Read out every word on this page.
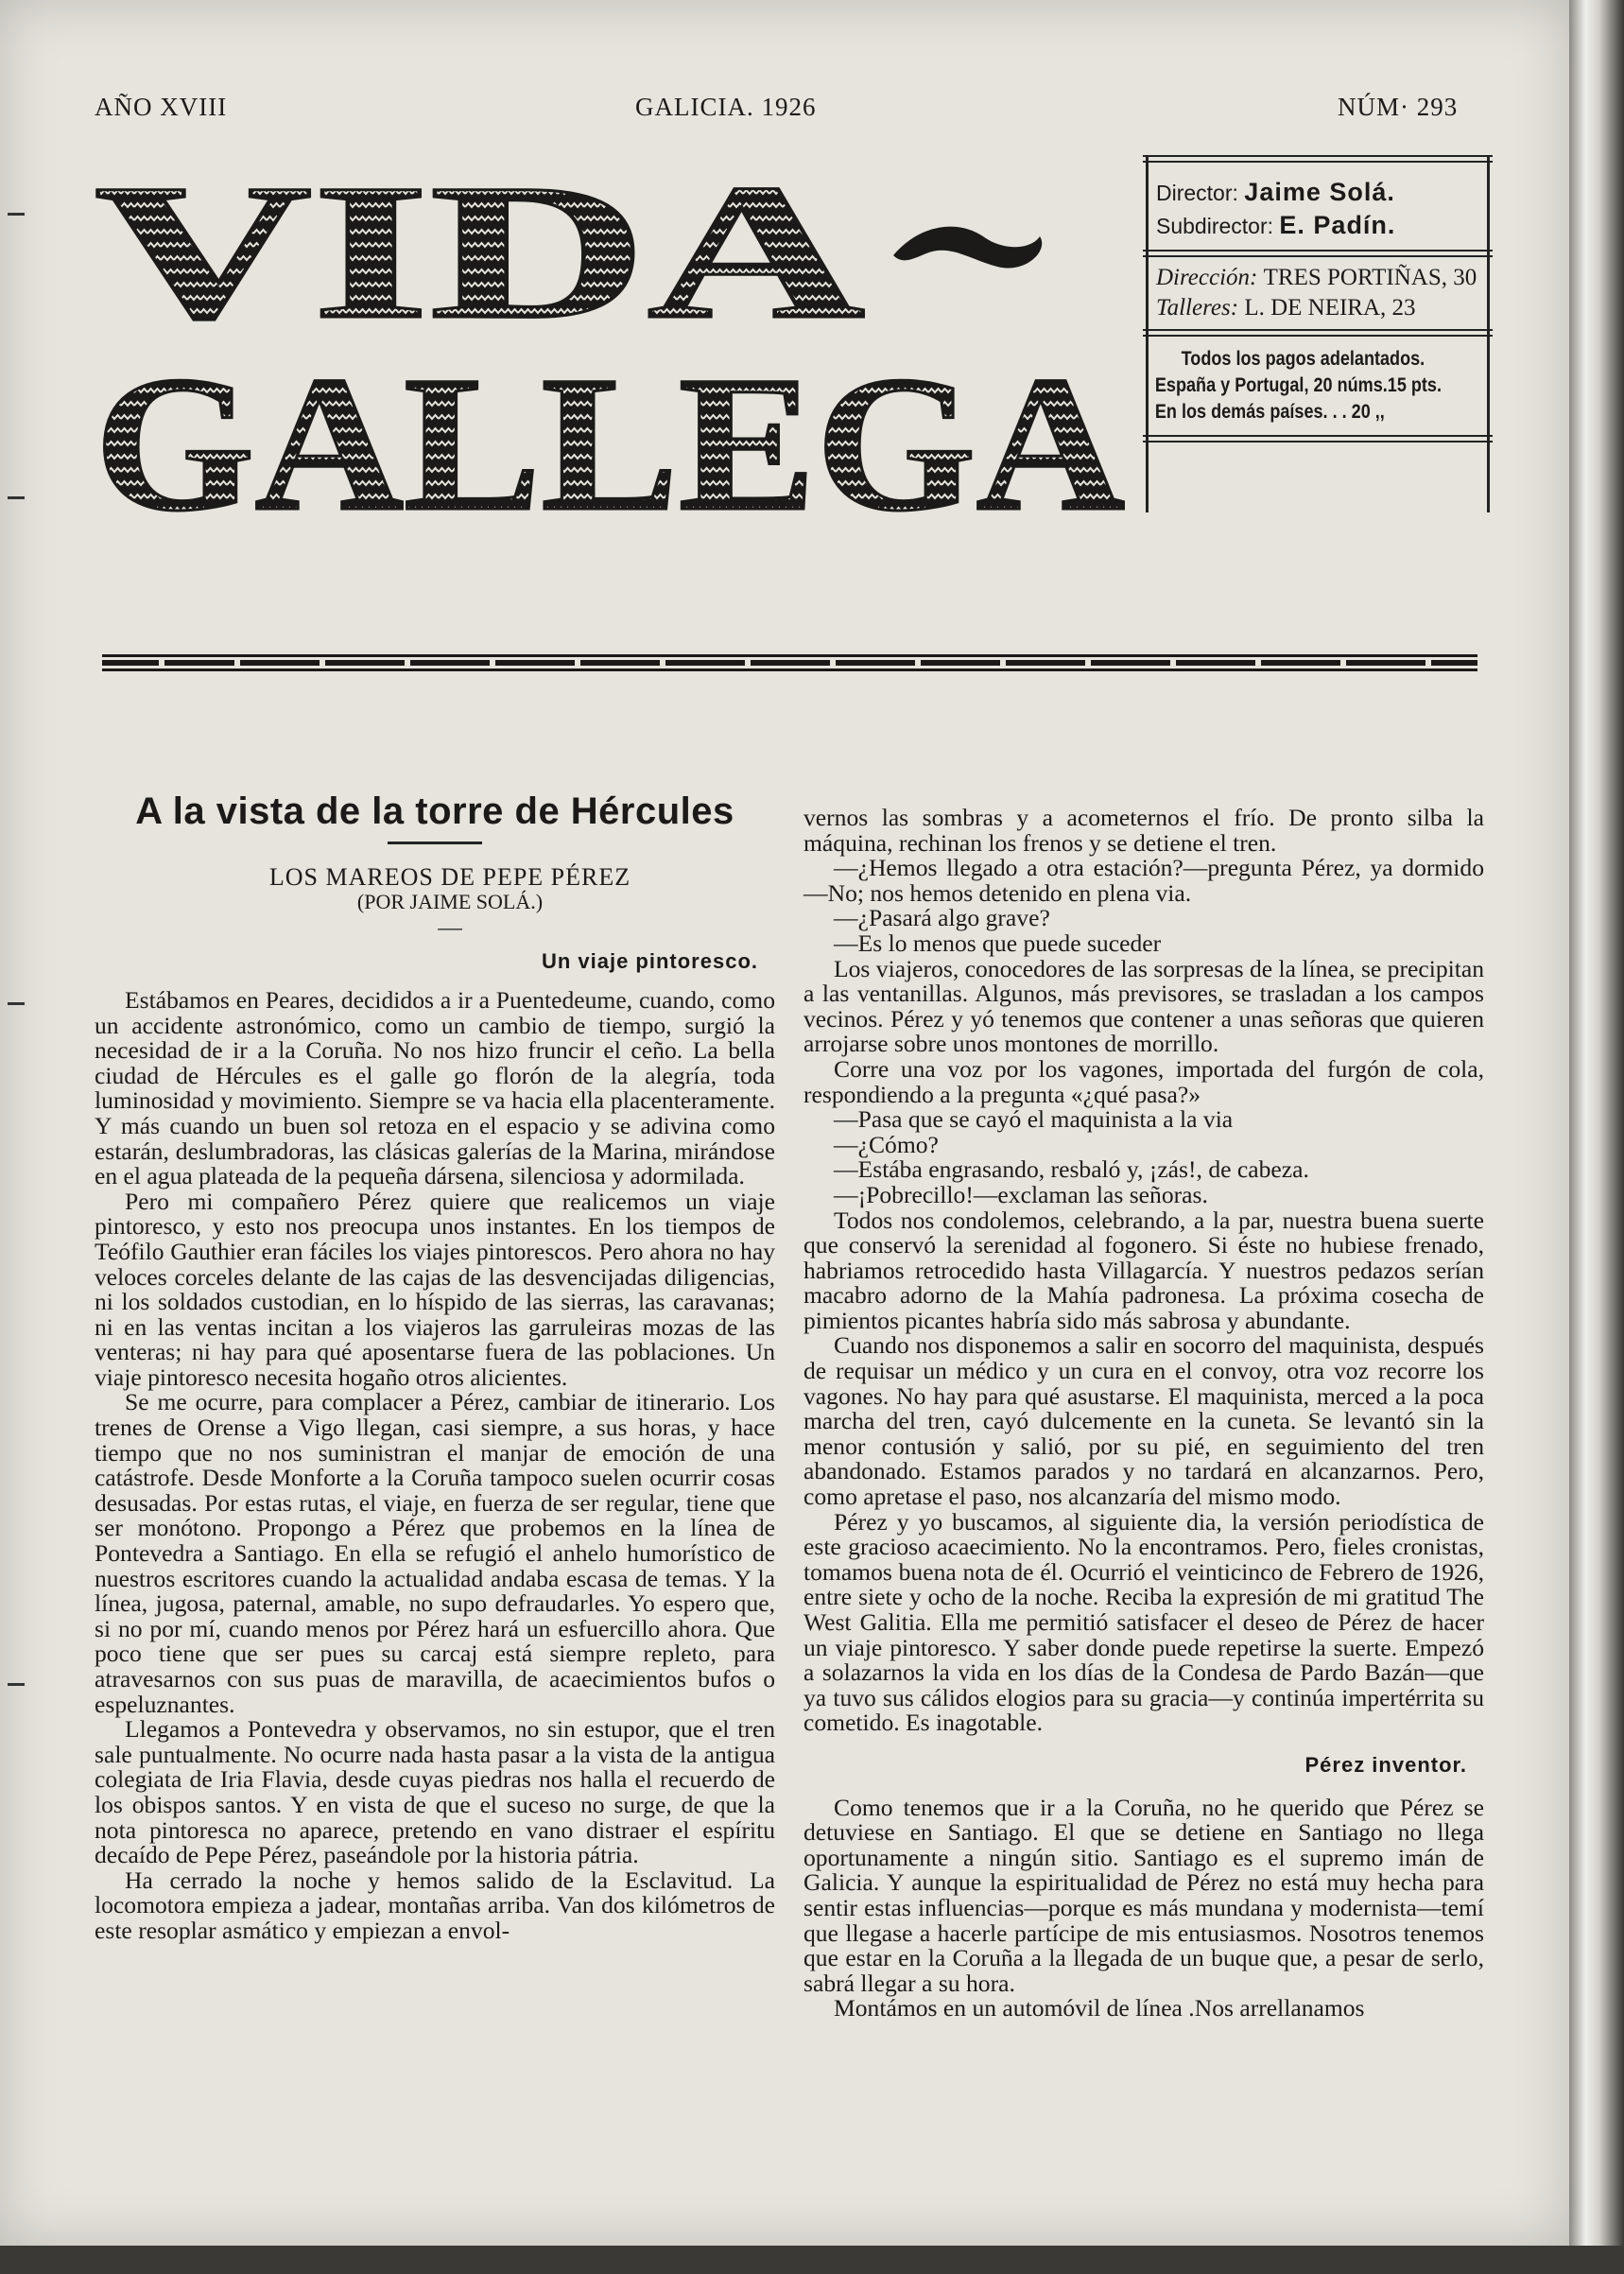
AÑO XVIII	GALICIA. 1926	NÚM· 293
VIDA
GALLEGA
Director: Jaime Solá.
Subdirector: E. Padín.
Dirección: TRES PORTIÑAS, 30
Talleres: L. DE NEIRA, 23
Todos los pagos adelantados.
España y Portugal, 20 núms.15 pts.
En los demás países. . . 20 ,,
A la vista de la torre de Hércules

LOS MAREOS DE PEPE PÉREZ

(POR JAIME SOLÁ.)

—

Un viaje pintoresco.

Estábamos en Peares, decididos a ir a Puentedeume, cuando, como un accidente astronómico, como un cambio de tiempo, surgió la necesidad de ir a la Coruña. No nos hizo fruncir el ceño. La bella ciudad de Hércules es el galle go florón de la alegría, toda luminosidad y movimiento. Siempre se va hacia ella placenteramente. Y más cuando un buen sol retoza en el espacio y se adivina como estarán, deslumbradoras, las clásicas galerías de la Marina, mirándose en el agua plateada de la pequeña dársena, silenciosa y adormilada.

Pero mi compañero Pérez quiere que realicemos un viaje pintoresco, y esto nos preocupa unos instantes. En los tiempos de Teófilo Gauthier eran fáciles los viajes pintorescos. Pero ahora no hay veloces corceles delante de las cajas de las desvencijadas diligencias, ni los soldados custodian, en lo híspido de las sierras, las caravanas; ni en las ventas incitan a los viajeros las garruleiras mozas de las venteras; ni hay para qué aposentarse fuera de las poblaciones. Un viaje pintoresco necesita hogaño otros alicientes.

Se me ocurre, para complacer a Pérez, cambiar de itinerario. Los trenes de Orense a Vigo llegan, casi siempre, a sus horas, y hace tiempo que no nos suministran el manjar de emoción de una catástrofe. Desde Monforte a la Coruña tampoco suelen ocurrir cosas desusadas. Por estas rutas, el viaje, en fuerza de ser regular, tiene que ser monótono. Propongo a Pérez que probemos en la línea de Pontevedra a Santiago. En ella se refugió el anhelo humorístico de nuestros escritores cuando la actualidad andaba escasa de temas. Y la línea, jugosa, paternal, amable, no supo defraudarles. Yo espero que, si no por mí, cuando menos por Pérez hará un esfuercillo ahora. Que poco tiene que ser pues su carcaj está siempre repleto, para atravesarnos con sus puas de maravilla, de acaecimientos bufos o espeluznantes.

Llegamos a Pontevedra y observamos, no sin estupor, que el tren sale puntualmente. No ocurre nada hasta pasar a la vista de la antigua colegiata de Iria Flavia, desde cuyas piedras nos halla el recuerdo de los obispos santos. Y en vista de que el suceso no surge, de que la nota pintoresca no aparece, pretendo en vano distraer el espíritu decaído de Pepe Pérez, paseándole por la historia pátria.

Ha cerrado la noche y hemos salido de la Esclavitud. La locomotora empieza a jadear, montañas arriba. Van dos kilómetros de este resoplar asmático y empiezan a envol-

vernos las sombras y a acometernos el frío. De pronto silba la máquina, rechinan los frenos y se detiene el tren.

—¿Hemos llegado a otra estación?—pregunta Pérez, ya dormido—No; nos hemos detenido en plena via.

—¿Pasará algo grave?

—Es lo menos que puede suceder

Los viajeros, conocedores de las sorpresas de la línea, se precipitan a las ventanillas. Algunos, más previsores, se trasladan a los campos vecinos. Pérez y yó tenemos que contener a unas señoras que quieren arrojarse sobre unos montones de morrillo.

Corre una voz por los vagones, importada del furgón de cola, respondiendo a la pregunta «¿qué pasa?»

—Pasa que se cayó el maquinista a la via

—¿Cómo?

—Estába engrasando, resbaló y, ¡zás!, de cabeza.

—¡Pobrecillo!—exclaman las señoras.

Todos nos condolemos, celebrando, a la par, nuestra buena suerte que conservó la serenidad al fogonero. Si éste no hubiese frenado, habriamos retrocedido hasta Villagarcía. Y nuestros pedazos serían macabro adorno de la Mahía padronesa. La próxima cosecha de pimientos picantes habría sido más sabrosa y abundante.

Cuando nos disponemos a salir en socorro del maquinista, después de requisar un médico y un cura en el convoy, otra voz recorre los vagones. No hay para qué asustarse. El maquinista, merced a la poca marcha del tren, cayó dulcemente en la cuneta. Se levantó sin la menor contusión y salió, por su pié, en seguimiento del tren abandonado. Estamos parados y no tardará en alcanzarnos. Pero, como apretase el paso, nos alcanzaría del mismo modo.

Pérez y yo buscamos, al siguiente dia, la versión periodística de este gracioso acaecimiento. No la encontramos. Pero, fieles cronistas, tomamos buena nota de él. Ocurrió el veinticinco de Febrero de 1926, entre siete y ocho de la noche. Reciba la expresión de mi gratitud The West Galitia. Ella me permitió satisfacer el deseo de Pérez de hacer un viaje pintoresco. Y saber donde puede repetirse la suerte. Empezó a solazarnos la vida en los días de la Condesa de Pardo Bazán—que ya tuvo sus cálidos elogios para su gracia—y continúa impertérrita su cometido. Es inagotable.

Pérez inventor.

Como tenemos que ir a la Coruña, no he querido que Pérez se detuviese en Santiago. El que se detiene en Santiago no llega oportunamente a ningún sitio. Santiago es el supremo imán de Galicia. Y aunque la espiritualidad de Pérez no está muy hecha para sentir estas influencias—porque es más mundana y modernista—temí que llegase a hacerle partícipe de mis entusiasmos. Nosotros tenemos que estar en la Coruña a la llegada de un buque que, a pesar de serlo, sabrá llegar a su hora.

Montámos en un automóvil de línea .Nos arrellanamos
